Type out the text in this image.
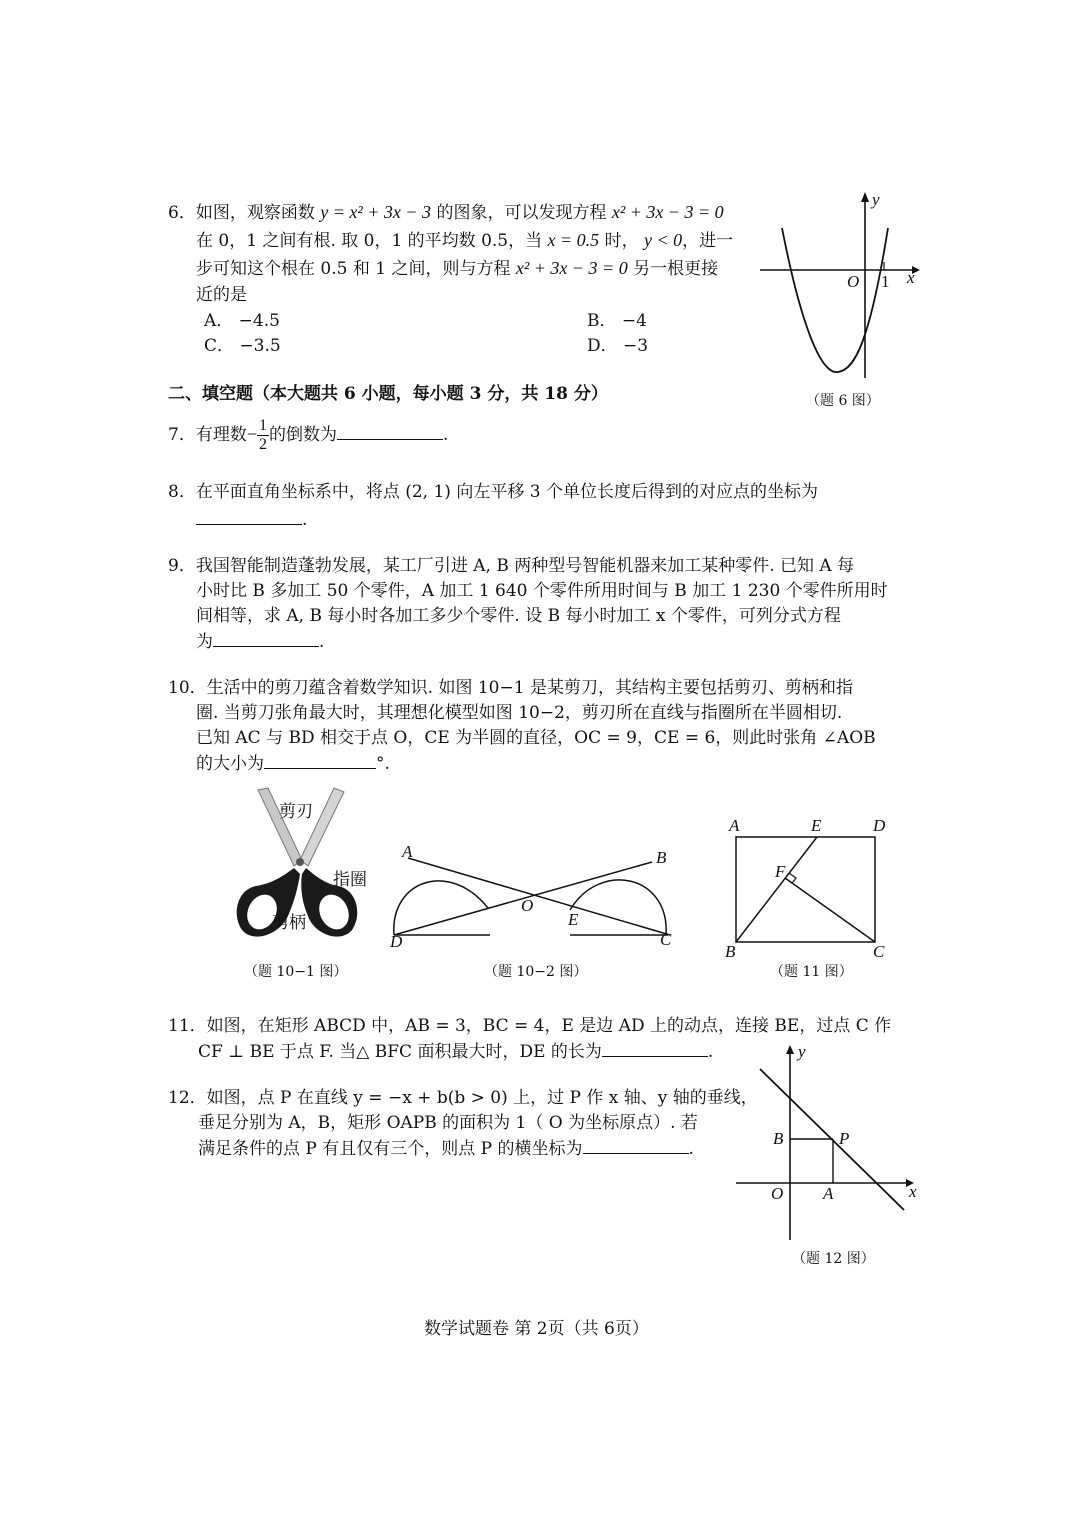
6．如图，观察函数 y = x² + 3x − 3 的图象，可以发现方程 x² + 3x − 3 = 0
在 0，1 之间有根. 取 0，1 的平均数 0.5，当 x = 0.5 时， y < 0，进一
步可知这个根在 0.5 和 1 之间，则与方程 x² + 3x − 3 = 0 另一根更接
近的是
A． −4.5	B． −4
C． −3.5	D． −3
y
x
O 1
（题 6 图）
二、填空题（本大题共 6 小题，每小题 3 分，共 18 分）
7．有理数− $\frac{1}{2}$ 的倒数为	.
8．在平面直角坐标系中，将点 (2, 1) 向左平移 3 个单位长度后得到的对应点的坐标为
.
9．我国智能制造蓬勃发展，某工厂引进 A, B 两种型号智能机器来加工某种零件. 已知 A 每
小时比 B 多加工 50 个零件，A 加工 1 640 个零件所用时间与 B 加工 1 230 个零件所用时
间相等，求 A, B 每小时各加工多少个零件. 设 B 每小时加工 x 个零件，可列分式方程
为	.
10．生活中的剪刀蕴含着数学知识. 如图 10−1 是某剪刀，其结构主要包括剪刃、剪柄和指
圈. 当剪刀张角最大时，其理想化模型如图 10−2，剪刃所在直线与指圈所在半圆相切.
已知 AC 与 BD 相交于点 O，CE 为半圆的直径，OC = 9，CE = 6，则此时张角 ∠AOB
的大小为	°.
剪刃
指圈
剪柄
（题 10−1 图）
A	B
C
D
O
E
（题 10−2 图）
A	E	D
F
B	C
（题 11 图）
11．如图，在矩形 ABCD 中，AB = 3，BC = 4，E 是边 AD 上的动点，连接 BE，过点 C 作
CF ⊥ BE 于点 F. 当△ BFC 面积最大时，DE 的长为	.
12．如图，点 P 在直线 y = −x + b(b > 0) 上，过 P 作 x 轴、y 轴的垂线，
垂足分别为 A，B，矩形 OAPB 的面积为 1（ O 为坐标原点）. 若
满足条件的点 P 有且仅有三个，则点 P 的横坐标为	.
y
x
O A
B	P
（题 12 图）
数学试题卷 第 2页（共 6页）
